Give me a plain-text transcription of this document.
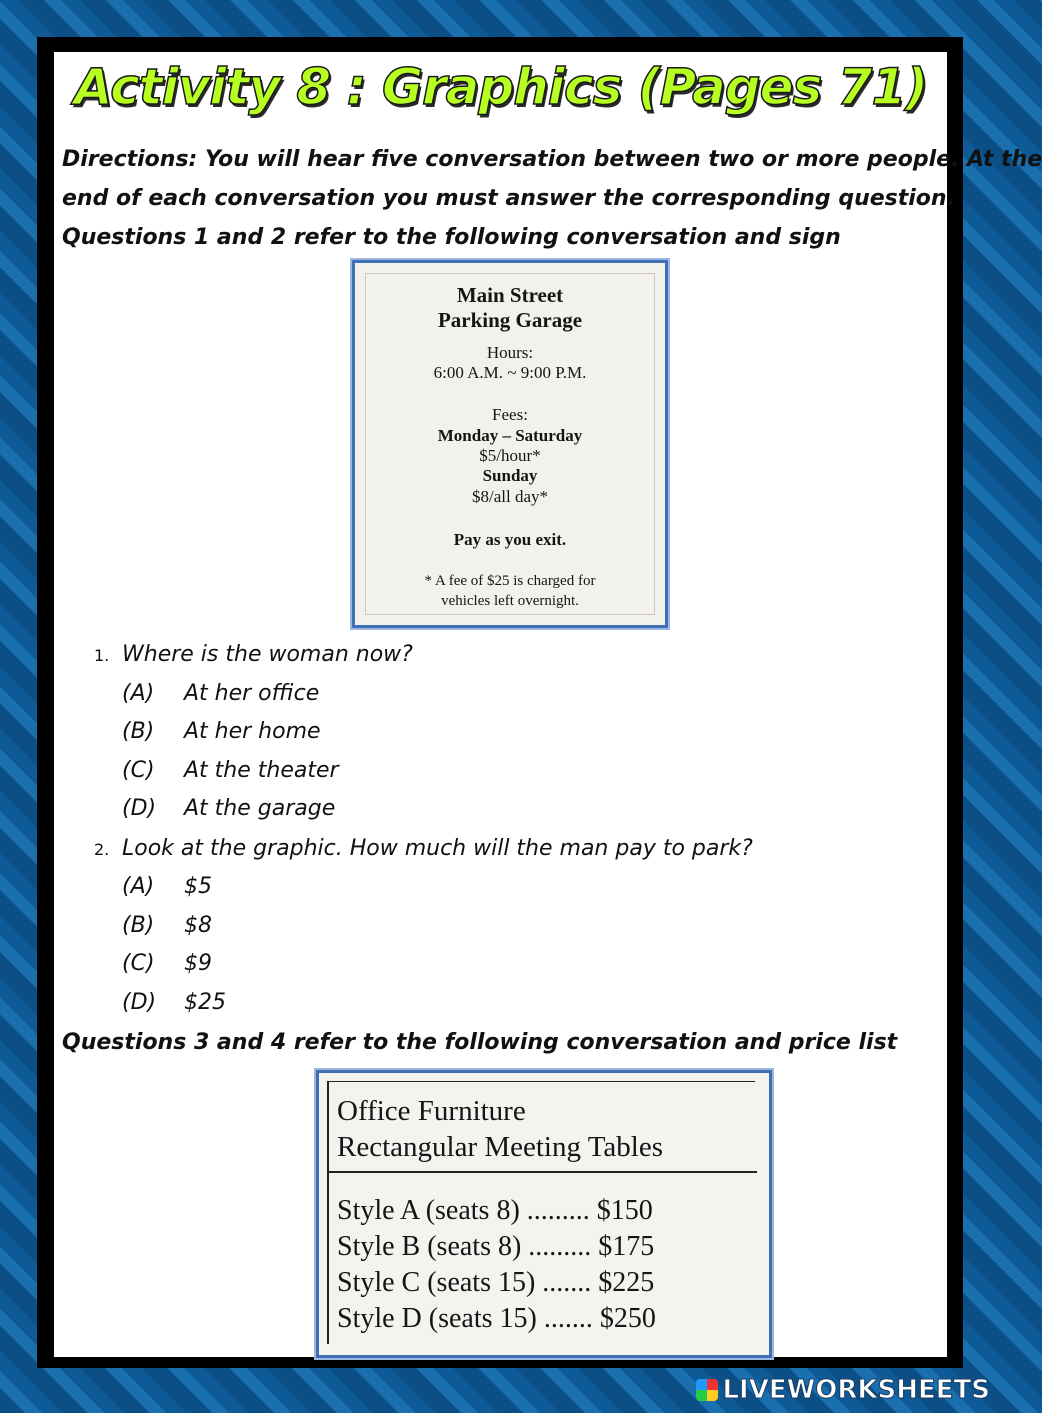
Activity 8 : Graphics (Pages 71)
Directions: You will hear five conversation between two or more people. At the
end of each conversation you must answer the corresponding question.
Questions 1 and 2 refer to the following conversation and sign
Main Street
Parking Garage
Hours:
6:00 A.M. ~ 9:00 P.M.
Fees:
Monday – Saturday
$5/hour*
Sunday
$8/all day*
Pay as you exit.
* A fee of $25 is charged for
vehicles left overnight.
1. Where is the woman now?
(A) At her office
(B) At her home
(C) At the theater
(D) At the garage
2. Look at the graphic. How much will the man pay to park?
(A) $5
(B) $8
(C) $9
(D) $25
Questions 3 and 4 refer to the following conversation and price list
Office Furniture
Rectangular Meeting Tables
Style A (seats 8) ......... $150
Style B (seats 8) ......... $175
Style C (seats 15) ....... $225
Style D (seats 15) ....... $250
LIVEWORKSHEETS
